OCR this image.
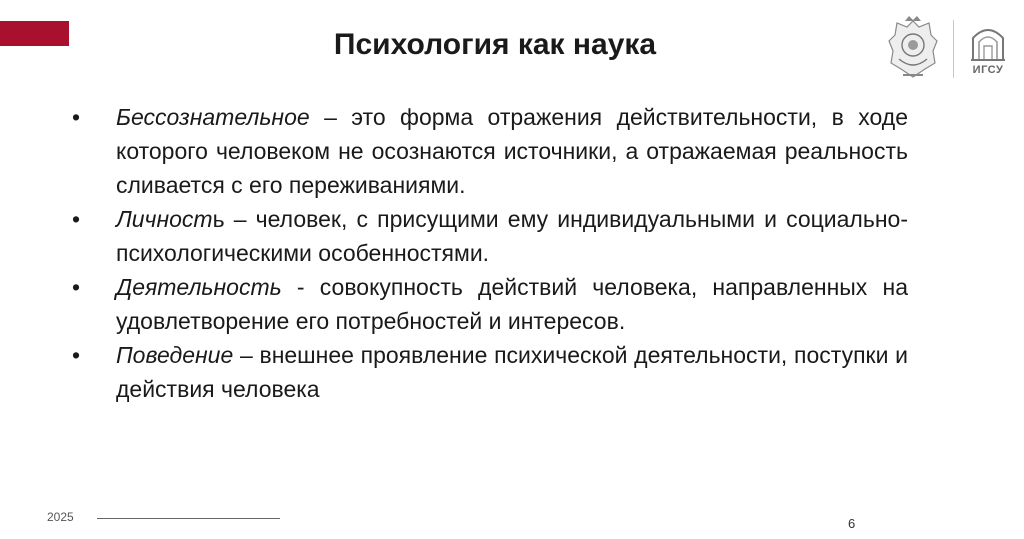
Психология как наука
ИГСУ
•	Бессознательное – это форма отражения действительности, в ходе которого человеком не осознаются источники, а отражаемая реальность сливается с его переживаниями.
•	Личность – человек, с присущими ему индивидуальными и социально-психологическими особенностями.
•	Деятельность - совокупность действий человека, направленных на удовлетворение его потребностей и интересов.
•	Поведение – внешнее проявление психической деятельности, поступки и действия человека
2025	6
